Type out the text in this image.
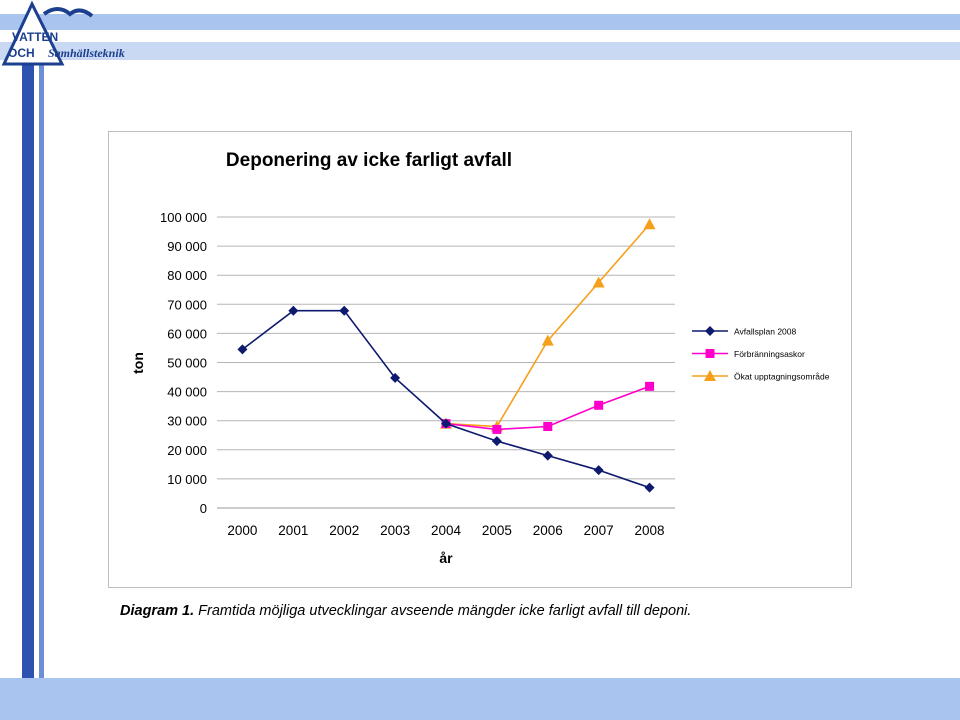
VATTEN
OCH Samhällsteknik
Deponering av icke farligt avfall
0
10 000
20 000
30 000
40 000
50 000
60 000
70 000
80 000
90 000
100 000
2000 2001 2002 2003 2004 2005 2006 2007 2008
år
ton
Avfallsplan 2008
Förbränningsaskor
Ökat upptagningsområde
Diagram 1. Framtida möjliga utvecklingar avseende mängder icke farligt avfall till deponi.
